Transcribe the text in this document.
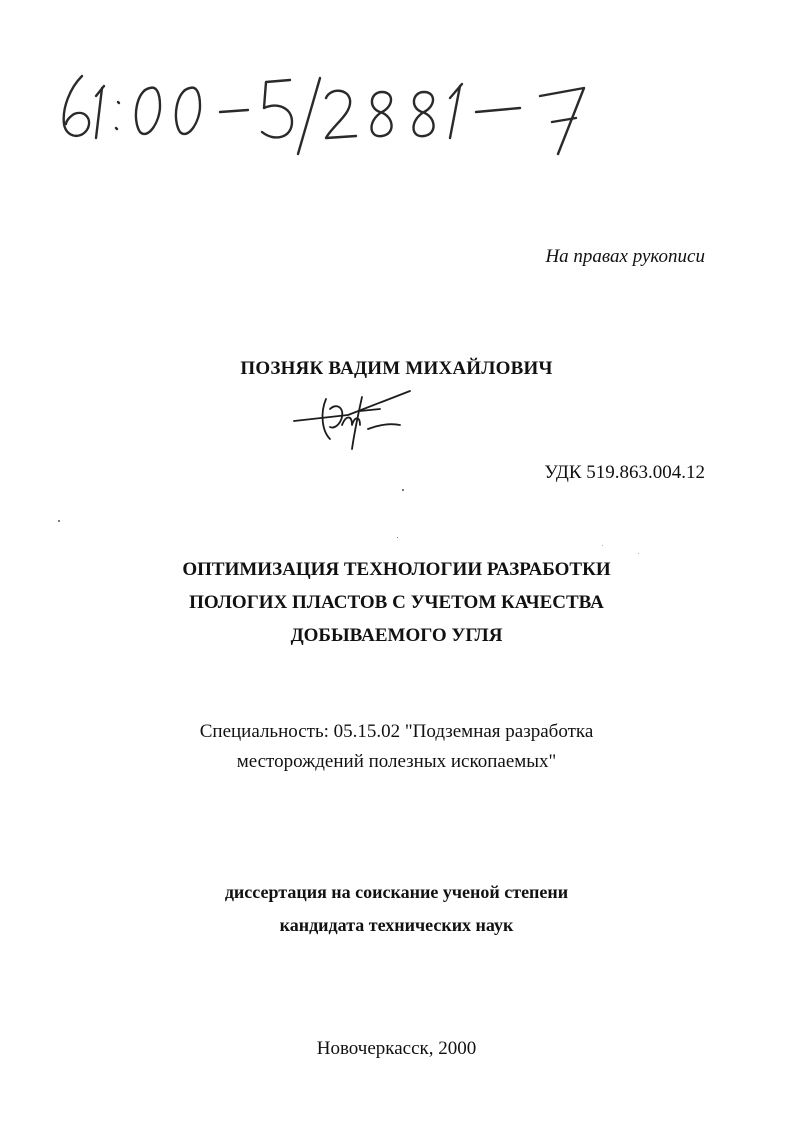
На правах рукописи
ПОЗНЯК ВАДИМ МИХАЙЛОВИЧ
УДК 519.863.004.12
ОПТИМИЗАЦИЯ ТЕХНОЛОГИИ РАЗРАБОТКИ
ПОЛОГИХ ПЛАСТОВ С УЧЕТОМ КАЧЕСТВА
ДОБЫВАЕМОГО УГЛЯ
Специальность: 05.15.02 "Подземная разработка
месторождений полезных ископаемых"
диссертация на соискание ученой степени
кандидата технических наук
Новочеркасск, 2000
